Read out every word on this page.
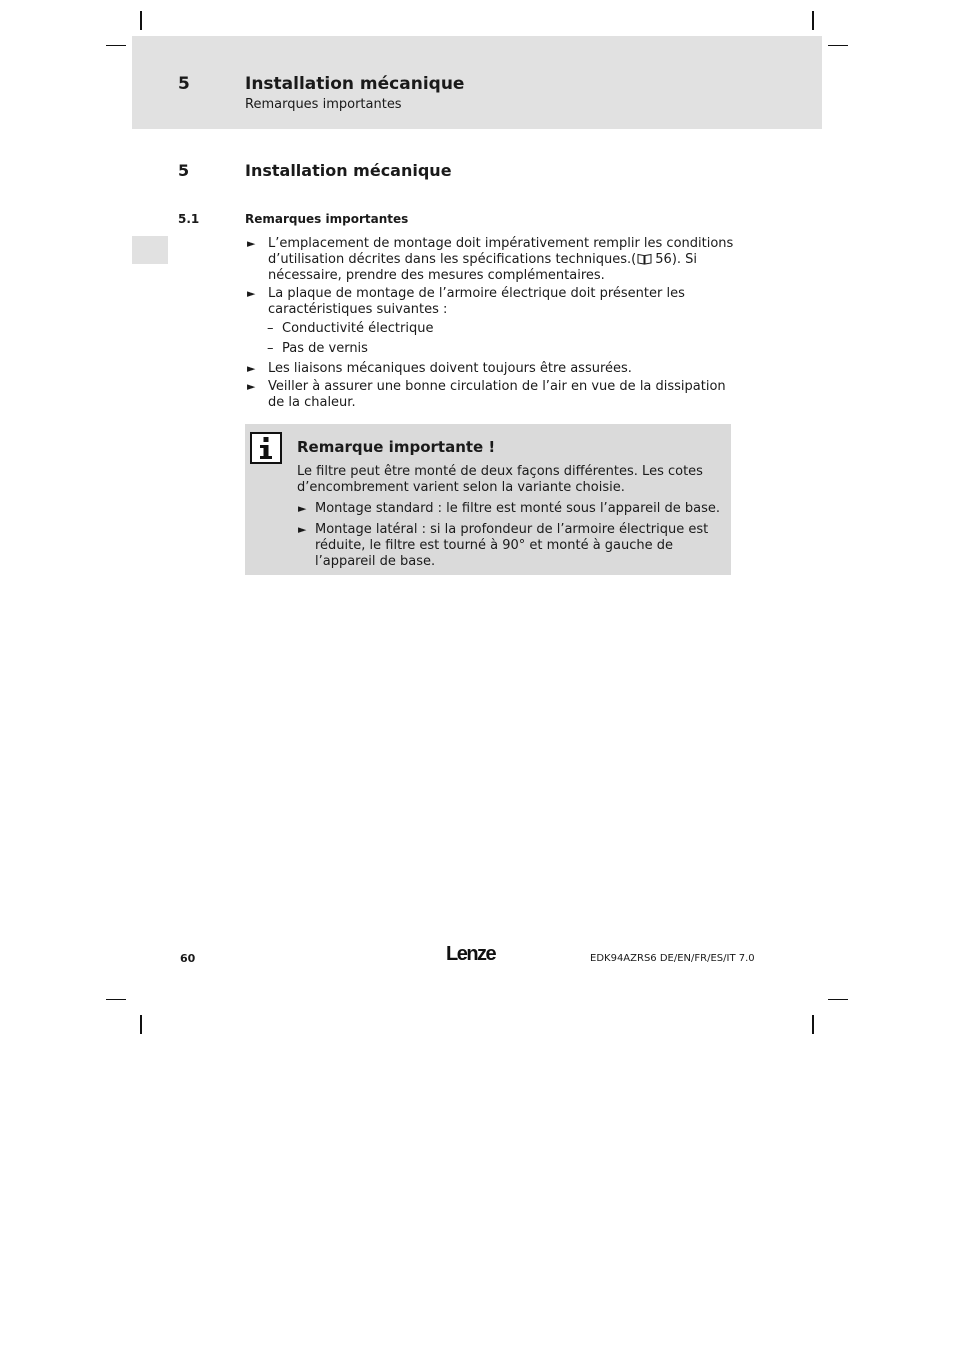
5	Installation mécanique
Remarques importantes
5	Installation mécanique
5.1	Remarques importantes
► L’emplacement de montage doit impérativement remplir les conditions d’utilisation décrites dans les spécifications techniques.( 56). Si nécessaire, prendre des mesures complémentaires.
► La plaque de montage de l’armoire électrique doit présenter les caractéristiques suivantes :
– Conductivité électrique
– Pas de vernis
► Les liaisons mécaniques doivent toujours être assurées.
► Veiller à assurer une bonne circulation de l’air en vue de la dissipation de la chaleur.
Remarque importante !
Le filtre peut être monté de deux façons différentes. Les cotes d’encombrement varient selon la variante choisie.
► Montage standard : le filtre est monté sous l’appareil de base.
► Montage latéral : si la profondeur de l’armoire électrique est réduite, le filtre est tourné à 90° et monté à gauche de l’appareil de base.
60	Lenze	EDK94AZRS6 DE/EN/FR/ES/IT 7.0
